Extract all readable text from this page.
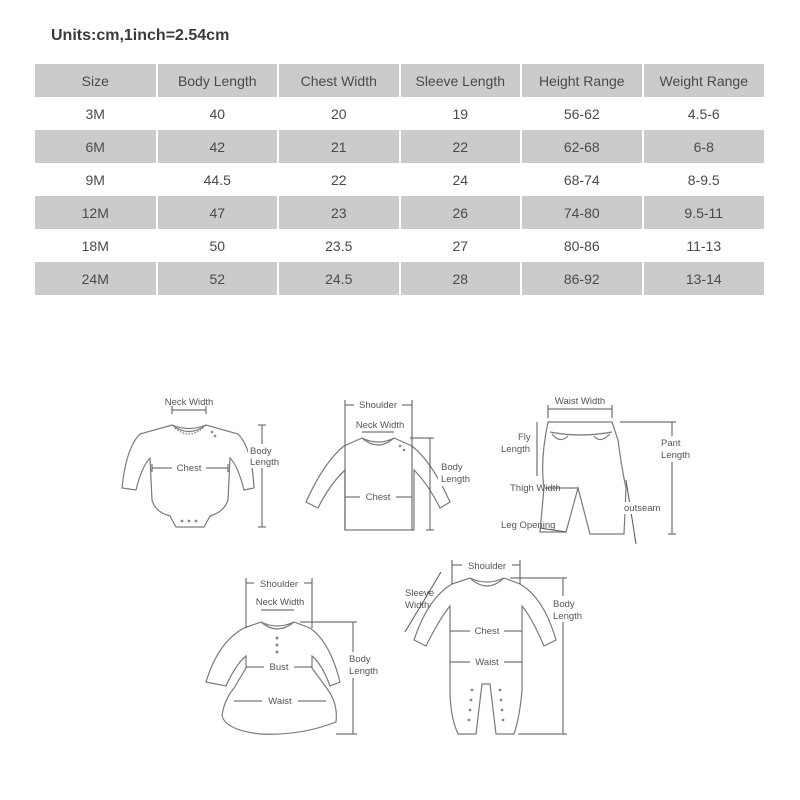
Units:cm,1inch=2.54cm
Size	Body Length	Chest Width	Sleeve Length	Height Range	Weight Range
3M	40	20	19	56-62	4.5-6
6M	42	21	22	62-68	6-8
9M	44.5	22	24	68-74	8-9.5
12M	47	23	26	74-80	9.5-11
18M	50	23.5	27	80-86	11-13
24M	52	24.5	28	86-92	13-14
Neck Width
Chest
Body
Length
Shoulder
Neck Width
Chest
Body
Length
Waist Width
Fly
Length
Pant
Length
Thigh Width
outseam
Leg Opening
Shoulder
Neck Width
Bust
Waist
Body
Length
Shoulder
Sleeve
Width
Chest
Waist
Body
Length
